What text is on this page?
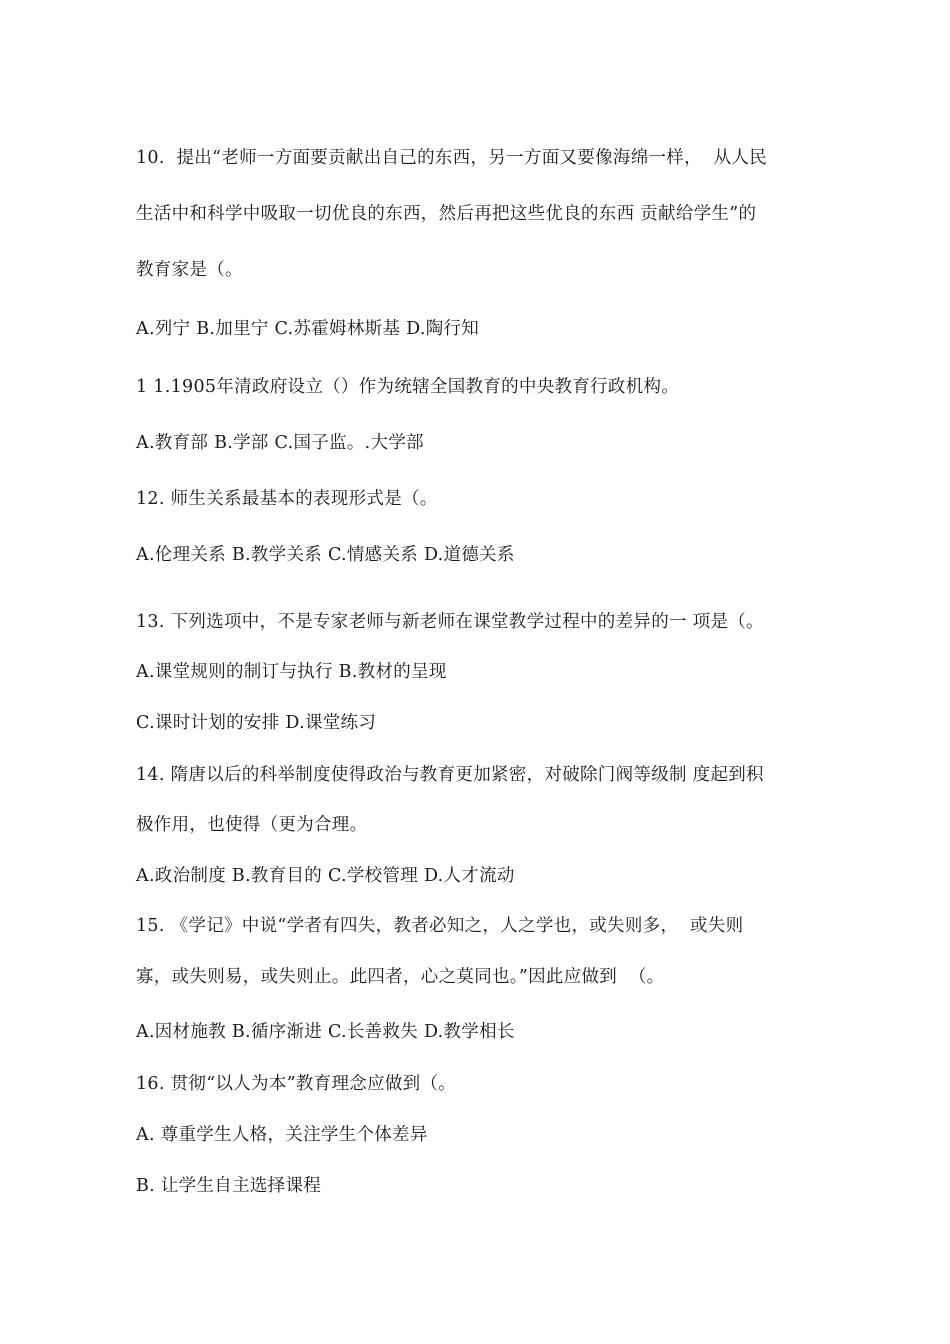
10.  提出“老师一方面要贡献出自己的东西，另一方面又要像海绵一样，  从人民
生活中和科学中吸取一切优良的东西，然后再把这些优良的东西 贡献给学生”的
教育家是（。
A.列宁 B.加里宁 C.苏霍姆林斯基 D.陶行知
1 1.1905年清政府设立（）作为统辖全国教育的中央教育行政机构。
A.教育部 B.学部 C.国子监。.大学部
12. 师生关系最基本的表现形式是（。
A.伦理关系 B.教学关系 C.情感关系 D.道德关系
13. 下列选项中，不是专家老师与新老师在课堂教学过程中的差异的一 项是（。
A.课堂规则的制订与执行 B.教材的呈现
C.课时计划的安排 D.课堂练习
14. 隋唐以后的科举制度使得政治与教育更加紧密，对破除门阀等级制 度起到积
极作用，也使得（更为合理。
A.政治制度 B.教育目的 C.学校管理 D.人才流动
15. 《学记》中说“学者有四失，教者必知之，人之学也，或失则多，  或失则
寡，或失则易，或失则止。此四者，心之莫同也。”因此应做到  （。
A.因材施教 B.循序渐进 C.长善救失 D.教学相长
16. 贯彻“以人为本”教育理念应做到（。
A. 尊重学生人格，关注学生个体差异
B. 让学生自主选择课程
